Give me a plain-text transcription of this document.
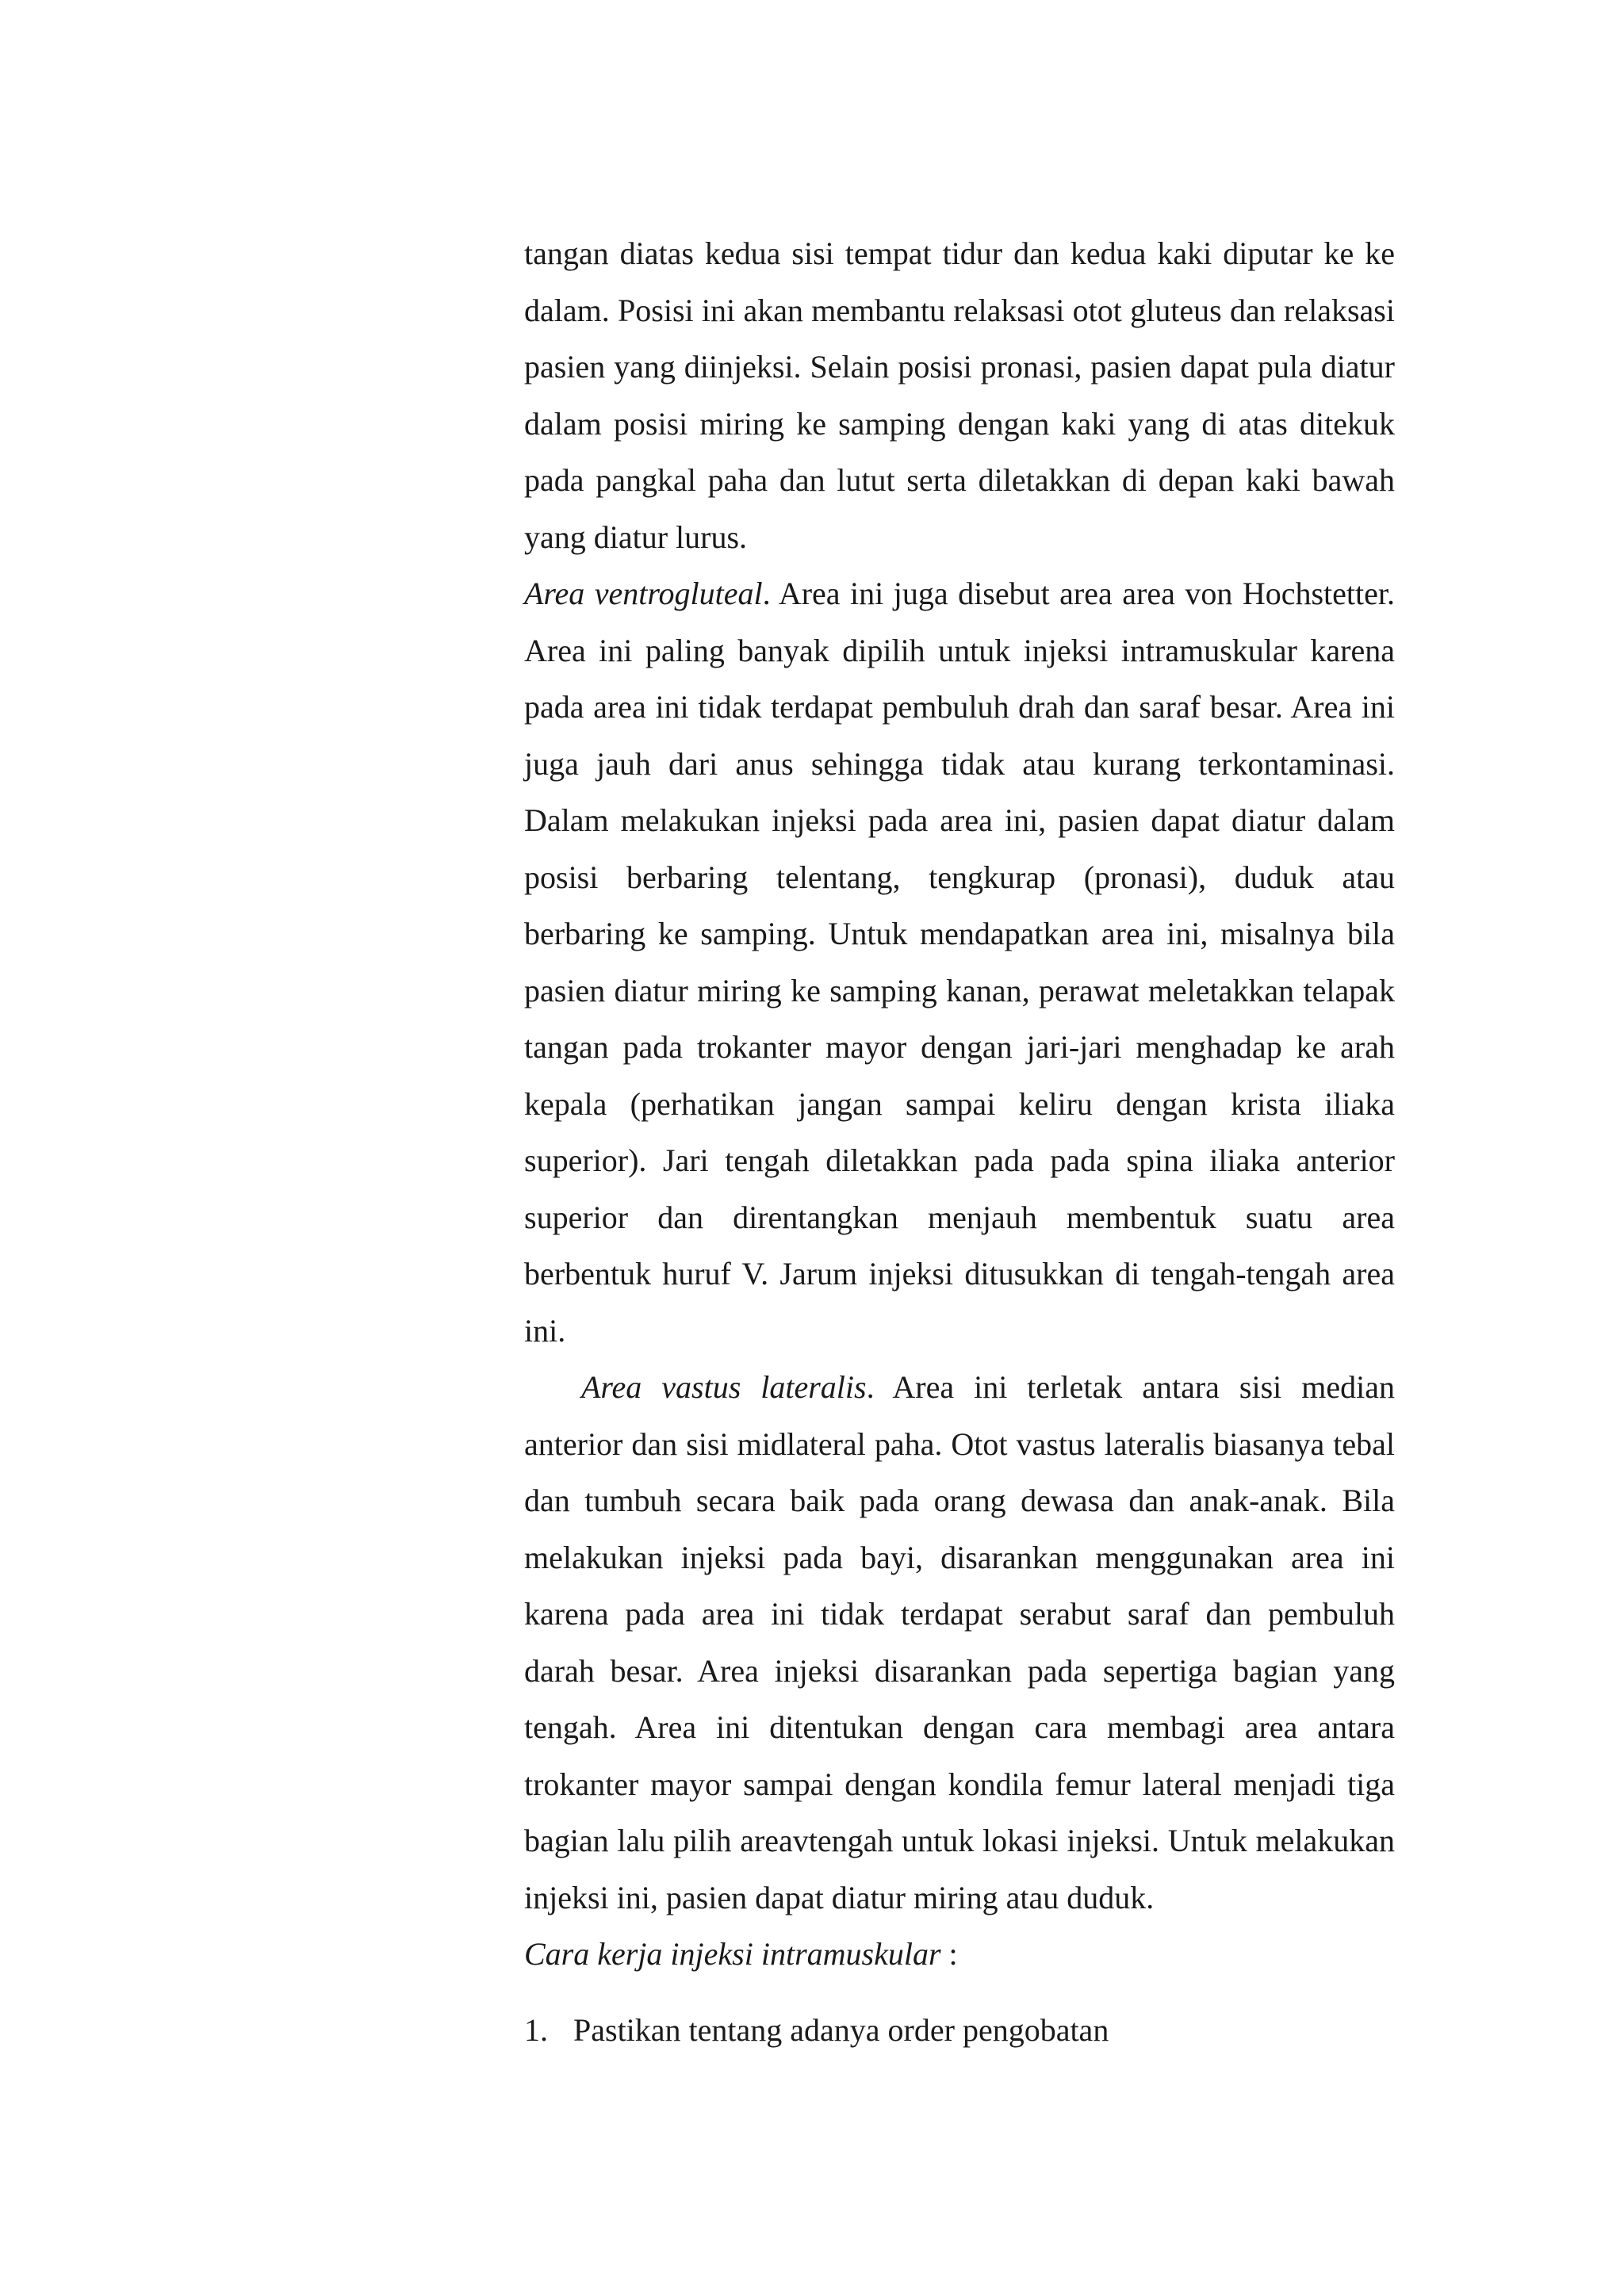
tangan diatas kedua sisi tempat tidur dan kedua kaki diputar ke ke dalam. Posisi ini akan membantu relaksasi otot gluteus dan relaksasi pasien yang diinjeksi. Selain posisi pronasi, pasien dapat pula diatur dalam posisi miring ke samping dengan kaki yang di atas ditekuk pada pangkal paha dan lutut serta diletakkan di depan kaki bawah yang diatur lurus.

Area ventrogluteal. Area ini juga disebut area area von Hochstetter. Area ini paling banyak dipilih untuk injeksi intramuskular karena pada area ini tidak terdapat pembuluh drah dan saraf besar. Area ini juga jauh dari anus sehingga tidak atau kurang terkontaminasi. Dalam melakukan injeksi pada area ini, pasien dapat diatur dalam posisi berbaring telentang, tengkurap (pronasi), duduk atau berbaring ke samping. Untuk mendapatkan area ini, misalnya bila pasien diatur miring ke samping kanan, perawat meletakkan telapak tangan pada trokanter mayor dengan jari-jari menghadap ke arah kepala (perhatikan jangan sampai keliru dengan krista iliaka superior). Jari tengah diletakkan pada pada spina iliaka anterior superior dan direntangkan menjauh membentuk suatu area berbentuk huruf V. Jarum injeksi ditusukkan di tengah-tengah area ini.

Area vastus lateralis. Area ini terletak antara sisi median anterior dan sisi midlateral paha. Otot vastus lateralis biasanya tebal dan tumbuh secara baik pada orang dewasa dan anak-anak. Bila melakukan injeksi pada bayi, disarankan menggunakan area ini karena pada area ini tidak terdapat serabut saraf dan pembuluh darah besar. Area injeksi disarankan pada sepertiga bagian yang tengah. Area ini ditentukan dengan cara membagi area antara trokanter mayor sampai dengan kondila femur lateral menjadi tiga bagian lalu pilih areavtengah untuk lokasi injeksi. Untuk melakukan injeksi ini, pasien dapat diatur miring atau duduk.

Cara kerja injeksi intramuskular :

1. Pastikan tentang adanya order pengobatan
